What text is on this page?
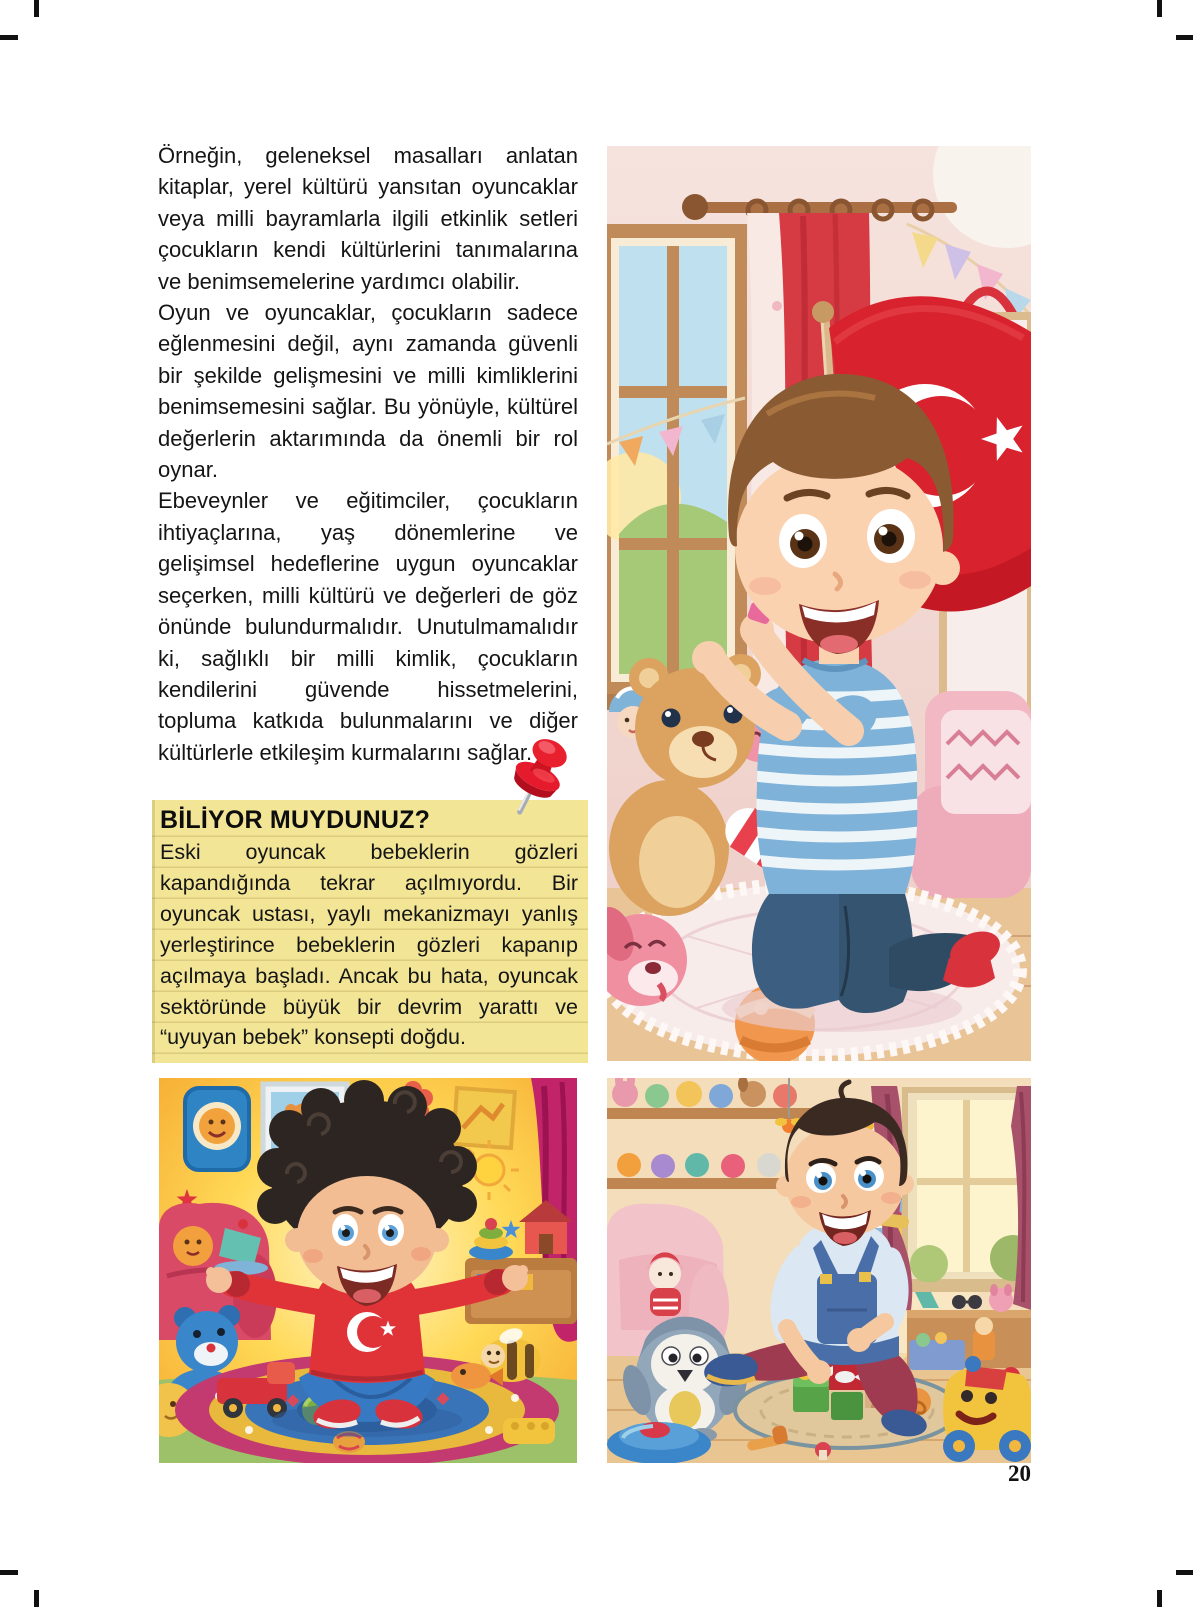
Örneğin, geleneksel masalları anlatan kitaplar, yerel kültürü yansıtan oyuncaklar veya milli bayramlarla ilgili etkinlik setleri çocukların kendi kültürlerini tanımalarına ve benimsemelerine yardımcı olabilir.

Oyun ve oyuncaklar, çocukların sadece eğlenmesini değil, aynı zamanda güvenli bir şekilde gelişmesini ve milli kimliklerini benimsemesini sağlar. Bu yönüyle, kültürel değerlerin aktarımında da önemli bir rol oynar.

Ebeveynler ve eğitimciler, çocukların ihtiyaçlarına, yaş dönemlerine ve gelişimsel hedeflerine uygun oyuncaklar seçerken, milli kültürü ve değerleri de göz önünde bulundurmalıdır. Unutulmamalıdır ki, sağlıklı bir milli kimlik, çocukların kendilerini güvende hissetmelerini, topluma katkıda bulunmalarını ve diğer kültürlerle etkileşim kurmalarını sağlar.

BİLİYOR MUYDUNUZ?
Eski oyuncak bebeklerin gözleri kapandığında tekrar açılmıyordu. Bir oyuncak ustası, yaylı mekanizmayı yanlış yerleştirince bebeklerin gözleri kapanıp açılmaya başladı. Ancak bu hata, oyuncak sektöründe büyük bir devrim yarattı ve “uyuyan bebek” konsepti doğdu.
20
